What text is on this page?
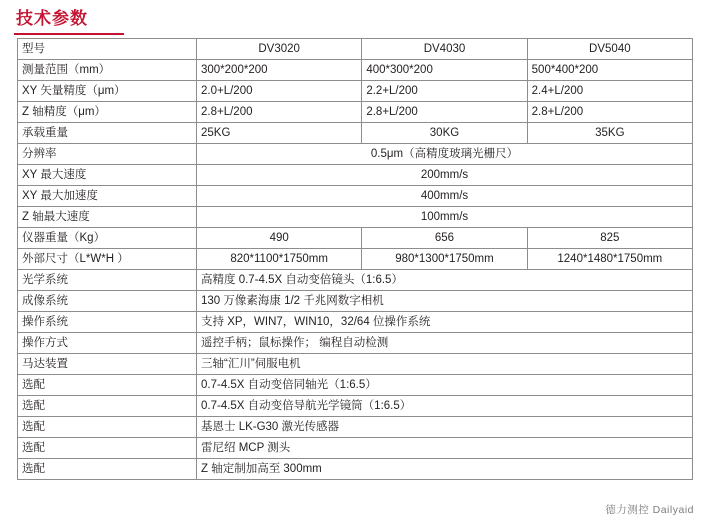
技术参数
型号	DV3020	DV4030	DV5040
测量范围（mm）	300*200*200	400*300*200	500*400*200
XY 矢量精度（μm）	2.0+L/200	2.2+L/200	2.4+L/200
Z 轴精度（μm）	2.8+L/200	2.8+L/200	2.8+L/200
承载重量	25KG	30KG	35KG
分辨率	0.5μm（高精度玻璃光栅尺）		
XY 最大速度	200mm/s		
XY 最大加速度	400mm/s		
Z 轴最大速度	100mm/s		
仪器重量（Kg）	490	656	825
外部尺寸（L*W*H ）	820*1100*1750mm	980*1300*1750mm	1240*1480*1750mm
光学系统	高精度 0.7-4.5X 自动变倍镜头（1:6.5）		
成像系统	130 万像素海康 1/2 千兆网数字相机		
操作系统	支持 XP，WIN7，WIN10，32/64 位操作系统		
操作方式	遥控手柄；鼠标操作； 编程自动检测		
马达装置	三轴“汇川”伺服电机		
选配	0.7-4.5X 自动变倍同轴光（1:6.5）		
选配	0.7-4.5X 自动变倍导航光学镜筒（1:6.5）		
选配	基恩士 LK-G30 激光传感器		
选配	雷尼绍 MCP 测头		
选配	Z 轴定制加高至 300mm		
德力测控 Dailyaid
